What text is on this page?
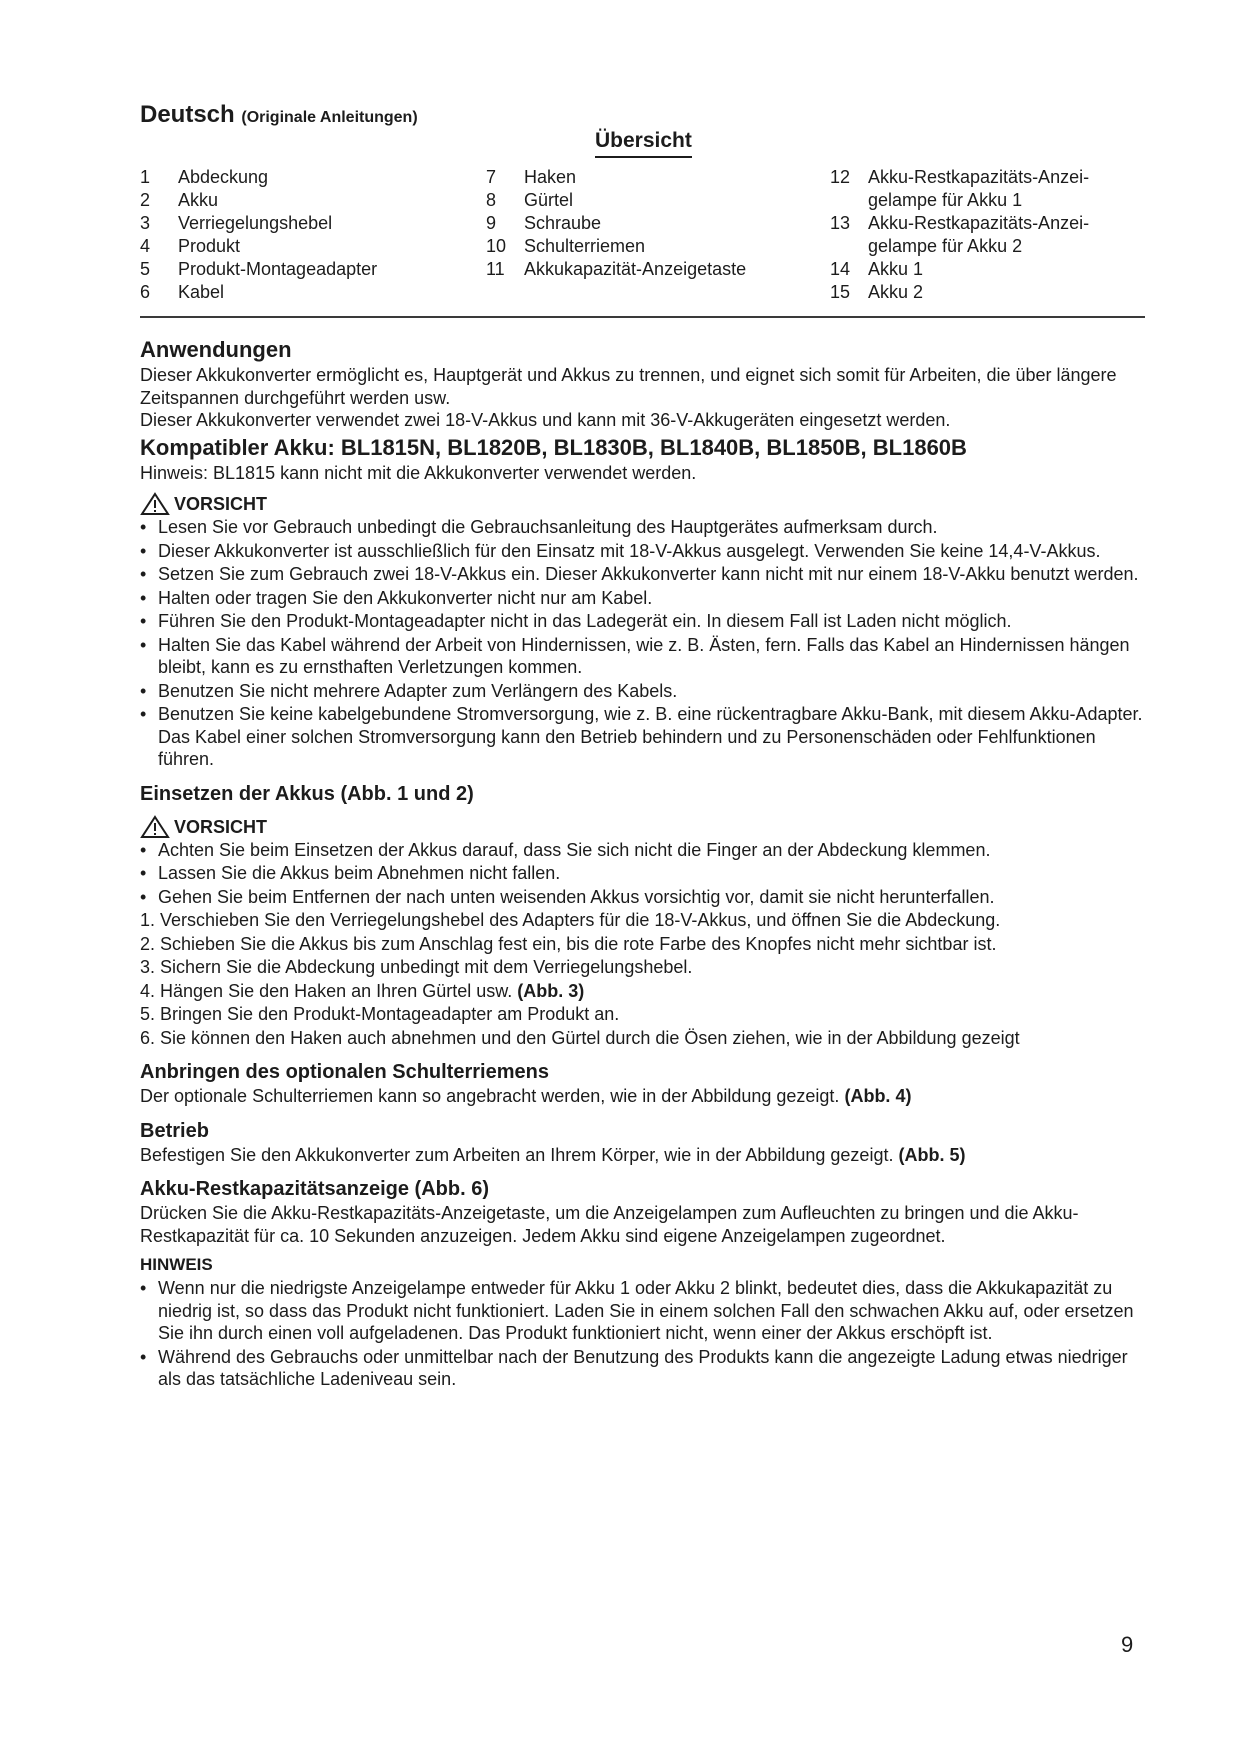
Deutsch (Originale Anleitungen)

Übersicht
1	Abdeckung
2	Akku
3	Verriegelungshebel
4	Produkt
5	Produkt-Montageadapter
6	Kabel
7	Haken
8	Gürtel
9	Schraube
10 Schulterriemen
11	Akkukapazität-Anzeigetaste
12 Akku-Restkapazitäts-Anzei-gelampe für Akku 1
13 Akku-Restkapazitäts-Anzei-gelampe für Akku 2
14 Akku 1
15 Akku 2
Anwendungen

Dieser Akkukonverter ermöglicht es, Hauptgerät und Akkus zu trennen, und eignet sich somit für Arbeiten, die über längere Zeitspannen durchgeführt werden usw.

Dieser Akkukonverter verwendet zwei 18-V-Akkus und kann mit 36-V-Akkugeräten eingesetzt werden.

Kompatibler Akku: BL1815N, BL1820B, BL1830B, BL1840B, BL1850B, BL1860B

Hinweis: BL1815 kann nicht mit die Akkukonverter verwendet werden.

VORSICHT
• Lesen Sie vor Gebrauch unbedingt die Gebrauchsanleitung des Hauptgerätes aufmerksam durch.
• Dieser Akkukonverter ist ausschließlich für den Einsatz mit 18-V-Akkus ausgelegt. Verwenden Sie keine 14,4-V-Akkus.
• Setzen Sie zum Gebrauch zwei 18-V-Akkus ein. Dieser Akkukonverter kann nicht mit nur einem 18-V-Akku benutzt werden.
• Halten oder tragen Sie den Akkukonverter nicht nur am Kabel.
• Führen Sie den Produkt-Montageadapter nicht in das Ladegerät ein. In diesem Fall ist Laden nicht möglich.
• Halten Sie das Kabel während der Arbeit von Hindernissen, wie z. B. Ästen, fern. Falls das Kabel an Hindernissen hängen bleibt, kann es zu ernsthaften Verletzungen kommen.
• Benutzen Sie nicht mehrere Adapter zum Verlängern des Kabels.
• Benutzen Sie keine kabelgebundene Stromversorgung, wie z. B. eine rückentragbare Akku-Bank, mit diesem Akku-Adapter. Das Kabel einer solchen Stromversorgung kann den Betrieb behindern und zu Personenschäden oder Fehlfunktionen führen.
Einsetzen der Akkus (Abb. 1 und 2)
VORSICHT
• Achten Sie beim Einsetzen der Akkus darauf, dass Sie sich nicht die Finger an der Abdeckung klemmen.
• Lassen Sie die Akkus beim Abnehmen nicht fallen.
• Gehen Sie beim Entfernen der nach unten weisenden Akkus vorsichtig vor, damit sie nicht herunterfallen.
1. Verschieben Sie den Verriegelungshebel des Adapters für die 18-V-Akkus, und öffnen Sie die Abdeckung.
2. Schieben Sie die Akkus bis zum Anschlag fest ein, bis die rote Farbe des Knopfes nicht mehr sichtbar ist.
3. Sichern Sie die Abdeckung unbedingt mit dem Verriegelungshebel.
4. Hängen Sie den Haken an Ihren Gürtel usw. (Abb. 3)
5. Bringen Sie den Produkt-Montageadapter am Produkt an.
6. Sie können den Haken auch abnehmen und den Gürtel durch die Ösen ziehen, wie in der Abbildung gezeigt
Anbringen des optionalen Schulterriemens

Der optionale Schulterriemen kann so angebracht werden, wie in der Abbildung gezeigt. (Abb. 4)

Betrieb

Befestigen Sie den Akkukonverter zum Arbeiten an Ihrem Körper, wie in der Abbildung gezeigt. (Abb. 5)

Akku-Restkapazitätsanzeige (Abb. 6)

Drücken Sie die Akku-Restkapazitäts-Anzeigetaste, um die Anzeigelampen zum Aufleuchten zu bringen und die Akku-Restkapazität für ca. 10 Sekunden anzuzeigen. Jedem Akku sind eigene Anzeigelampen zugeordnet.

HINWEIS
• Wenn nur die niedrigste Anzeigelampe entweder für Akku 1 oder Akku 2 blinkt, bedeutet dies, dass die Akkukapazität zu niedrig ist, so dass das Produkt nicht funktioniert. Laden Sie in einem solchen Fall den schwachen Akku auf, oder ersetzen Sie ihn durch einen voll aufgeladenen. Das Produkt funktioniert nicht, wenn einer der Akkus erschöpft ist.
• Während des Gebrauchs oder unmittelbar nach der Benutzung des Produkts kann die angezeigte Ladung etwas niedriger als das tatsächliche Ladeniveau sein.
9
